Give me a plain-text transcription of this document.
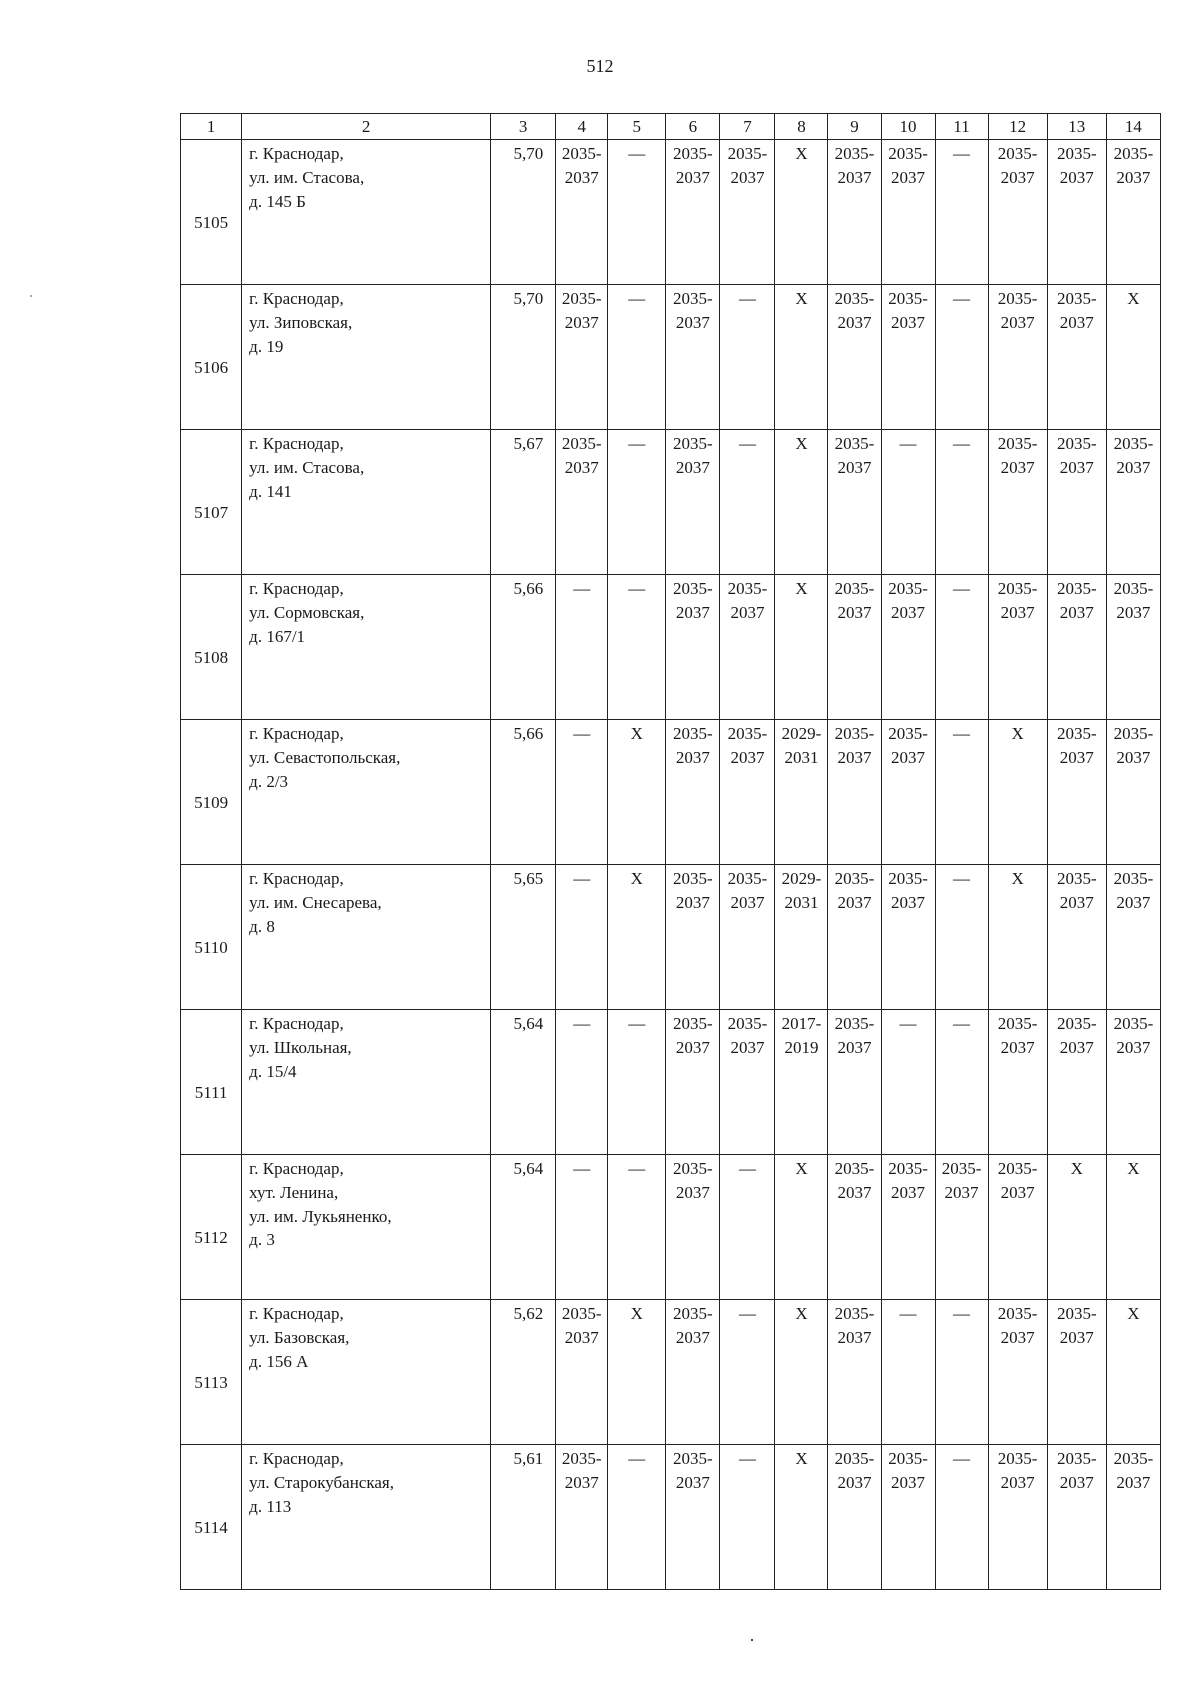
512
1	2	3	4	5	6	7	8	9	10	11	12	13	14
5105	г. Краснодар,
ул. им. Стасова,
д. 145 Б	5,70	2035-
2037	—	2035-
2037	2035-
2037	X	2035-
2037	2035-
2037	—	2035-
2037	2035-
2037	2035-
2037

5106	г. Краснодар,
ул. Зиповская,
д. 19	5,70	2035-
2037	—	2035-
2037	—	X	2035-
2037	2035-
2037	—	2035-
2037	2035-
2037	X

5107	г. Краснодар,
ул. им. Стасова,
д. 141	5,67	2035-
2037	—	2035-
2037	—	X	2035-
2037	—	—	2035-
2037	2035-
2037	2035-
2037

5108	г. Краснодар,
ул. Сормовская,
д. 167/1	5,66	—	—	2035-
2037	2035-
2037	X	2035-
2037	2035-
2037	—	2035-
2037	2035-
2037	2035-
2037

5109	г. Краснодар,
ул. Севастопольская,
д. 2/3	5,66	—	X	2035-
2037	2035-
2037	2029-
2031	2035-
2037	2035-
2037	—	X	2035-
2037	2035-
2037

5110	г. Краснодар,
ул. им. Снесарева,
д. 8	5,65	—	X	2035-
2037	2035-
2037	2029-
2031	2035-
2037	2035-
2037	—	X	2035-
2037	2035-
2037

5111	г. Краснодар,
ул. Школьная,
д. 15/4	5,64	—	—	2035-
2037	2035-
2037	2017-
2019	2035-
2037	—	—	2035-
2037	2035-
2037	2035-
2037

5112	г. Краснодар,
хут. Ленина,
ул. им. Лукьяненко,
д. 3	5,64	—	—	2035-
2037	—	X	2035-
2037	2035-
2037	2035-
2037	2035-
2037	X	X

5113	г. Краснодар,
ул. Базовская,
д. 156 А	5,62	2035-
2037	X	2035-
2037	—	X	2035-
2037	—	—	2035-
2037	2035-
2037	X

5114	г. Краснодар,
ул. Старокубанская,
д. 113	5,61	2035-
2037	—	2035-
2037	—	X	2035-
2037	2035-
2037	—	2035-
2037	2035-
2037	2035-
2037
